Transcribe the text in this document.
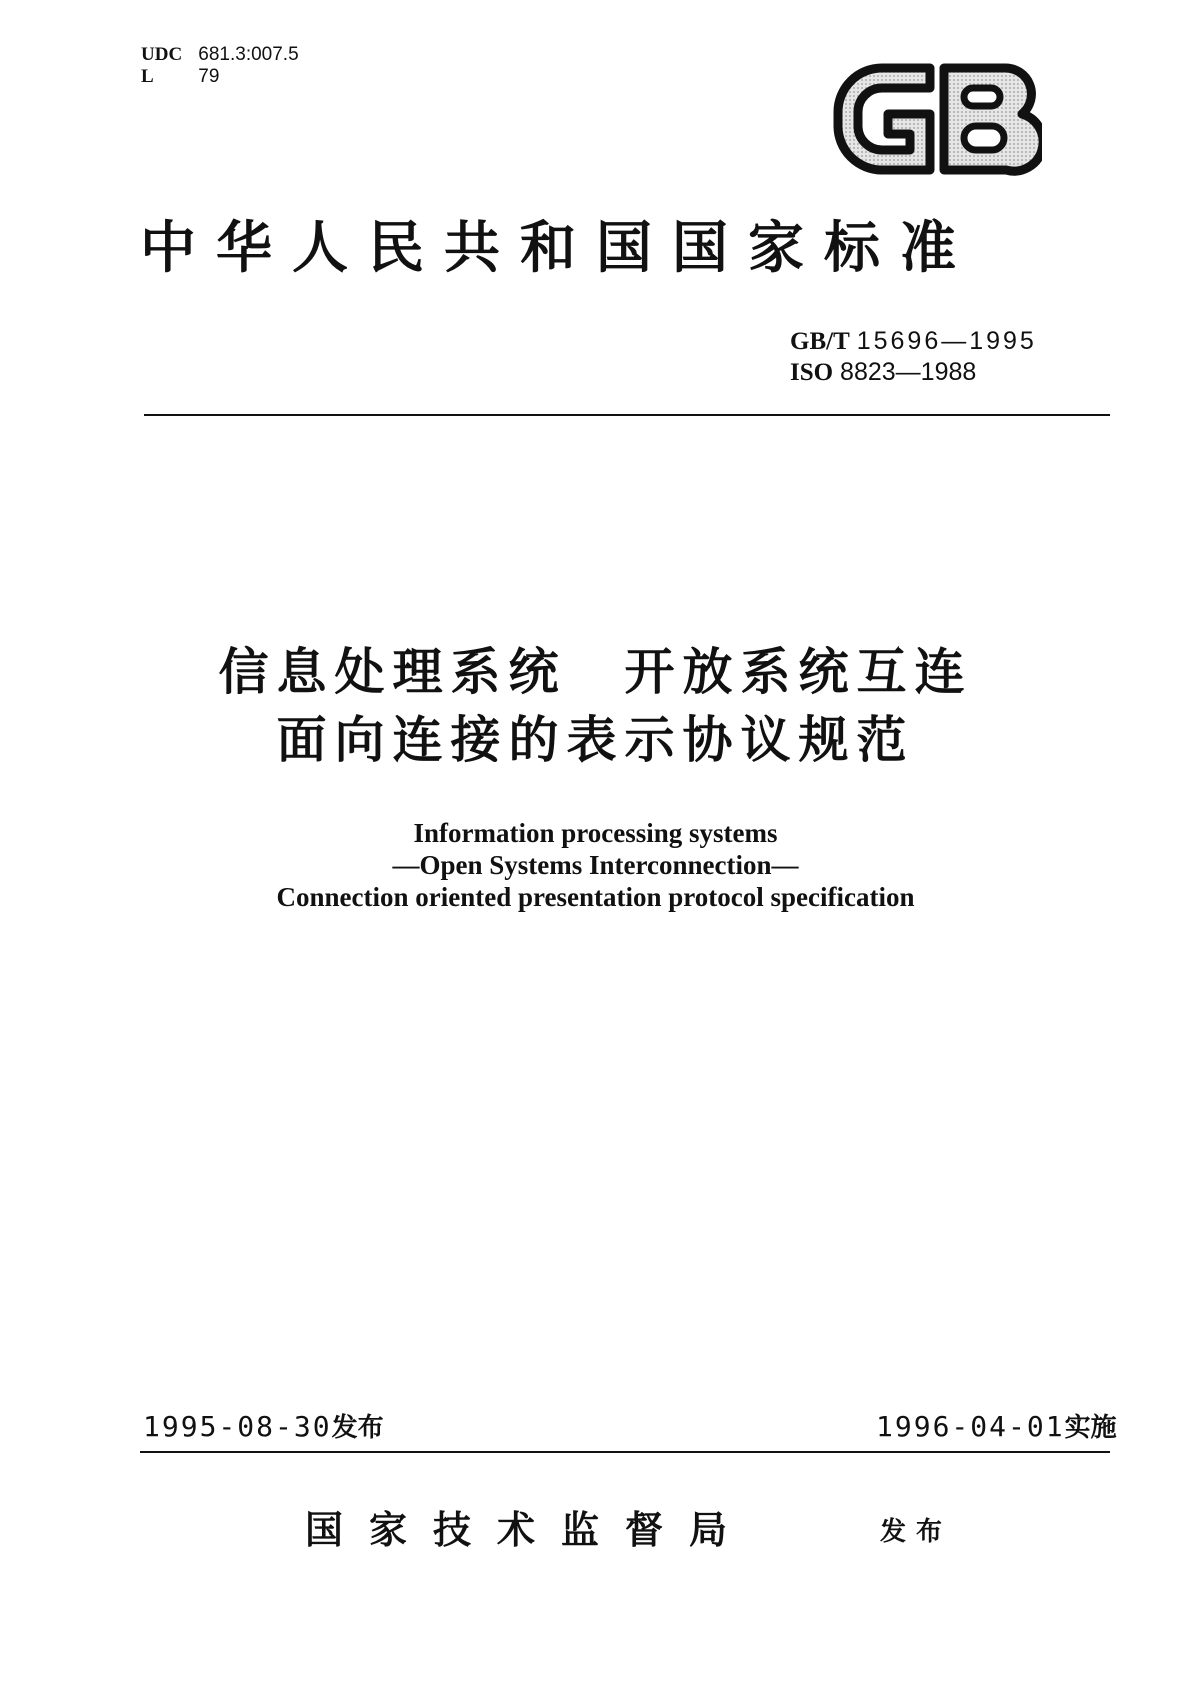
UDC 681.3:007.5
L 79
中华人民共和国国家标准
GB/T 15696—1995
ISO 8823—1988
信息处理系统　开放系统互连
面向连接的表示协议规范
Information processing systems
—Open Systems Interconnection—
Connection oriented presentation protocol specification
1995-08-30发布	1996-04-01实施
国家技术监督局	发布
